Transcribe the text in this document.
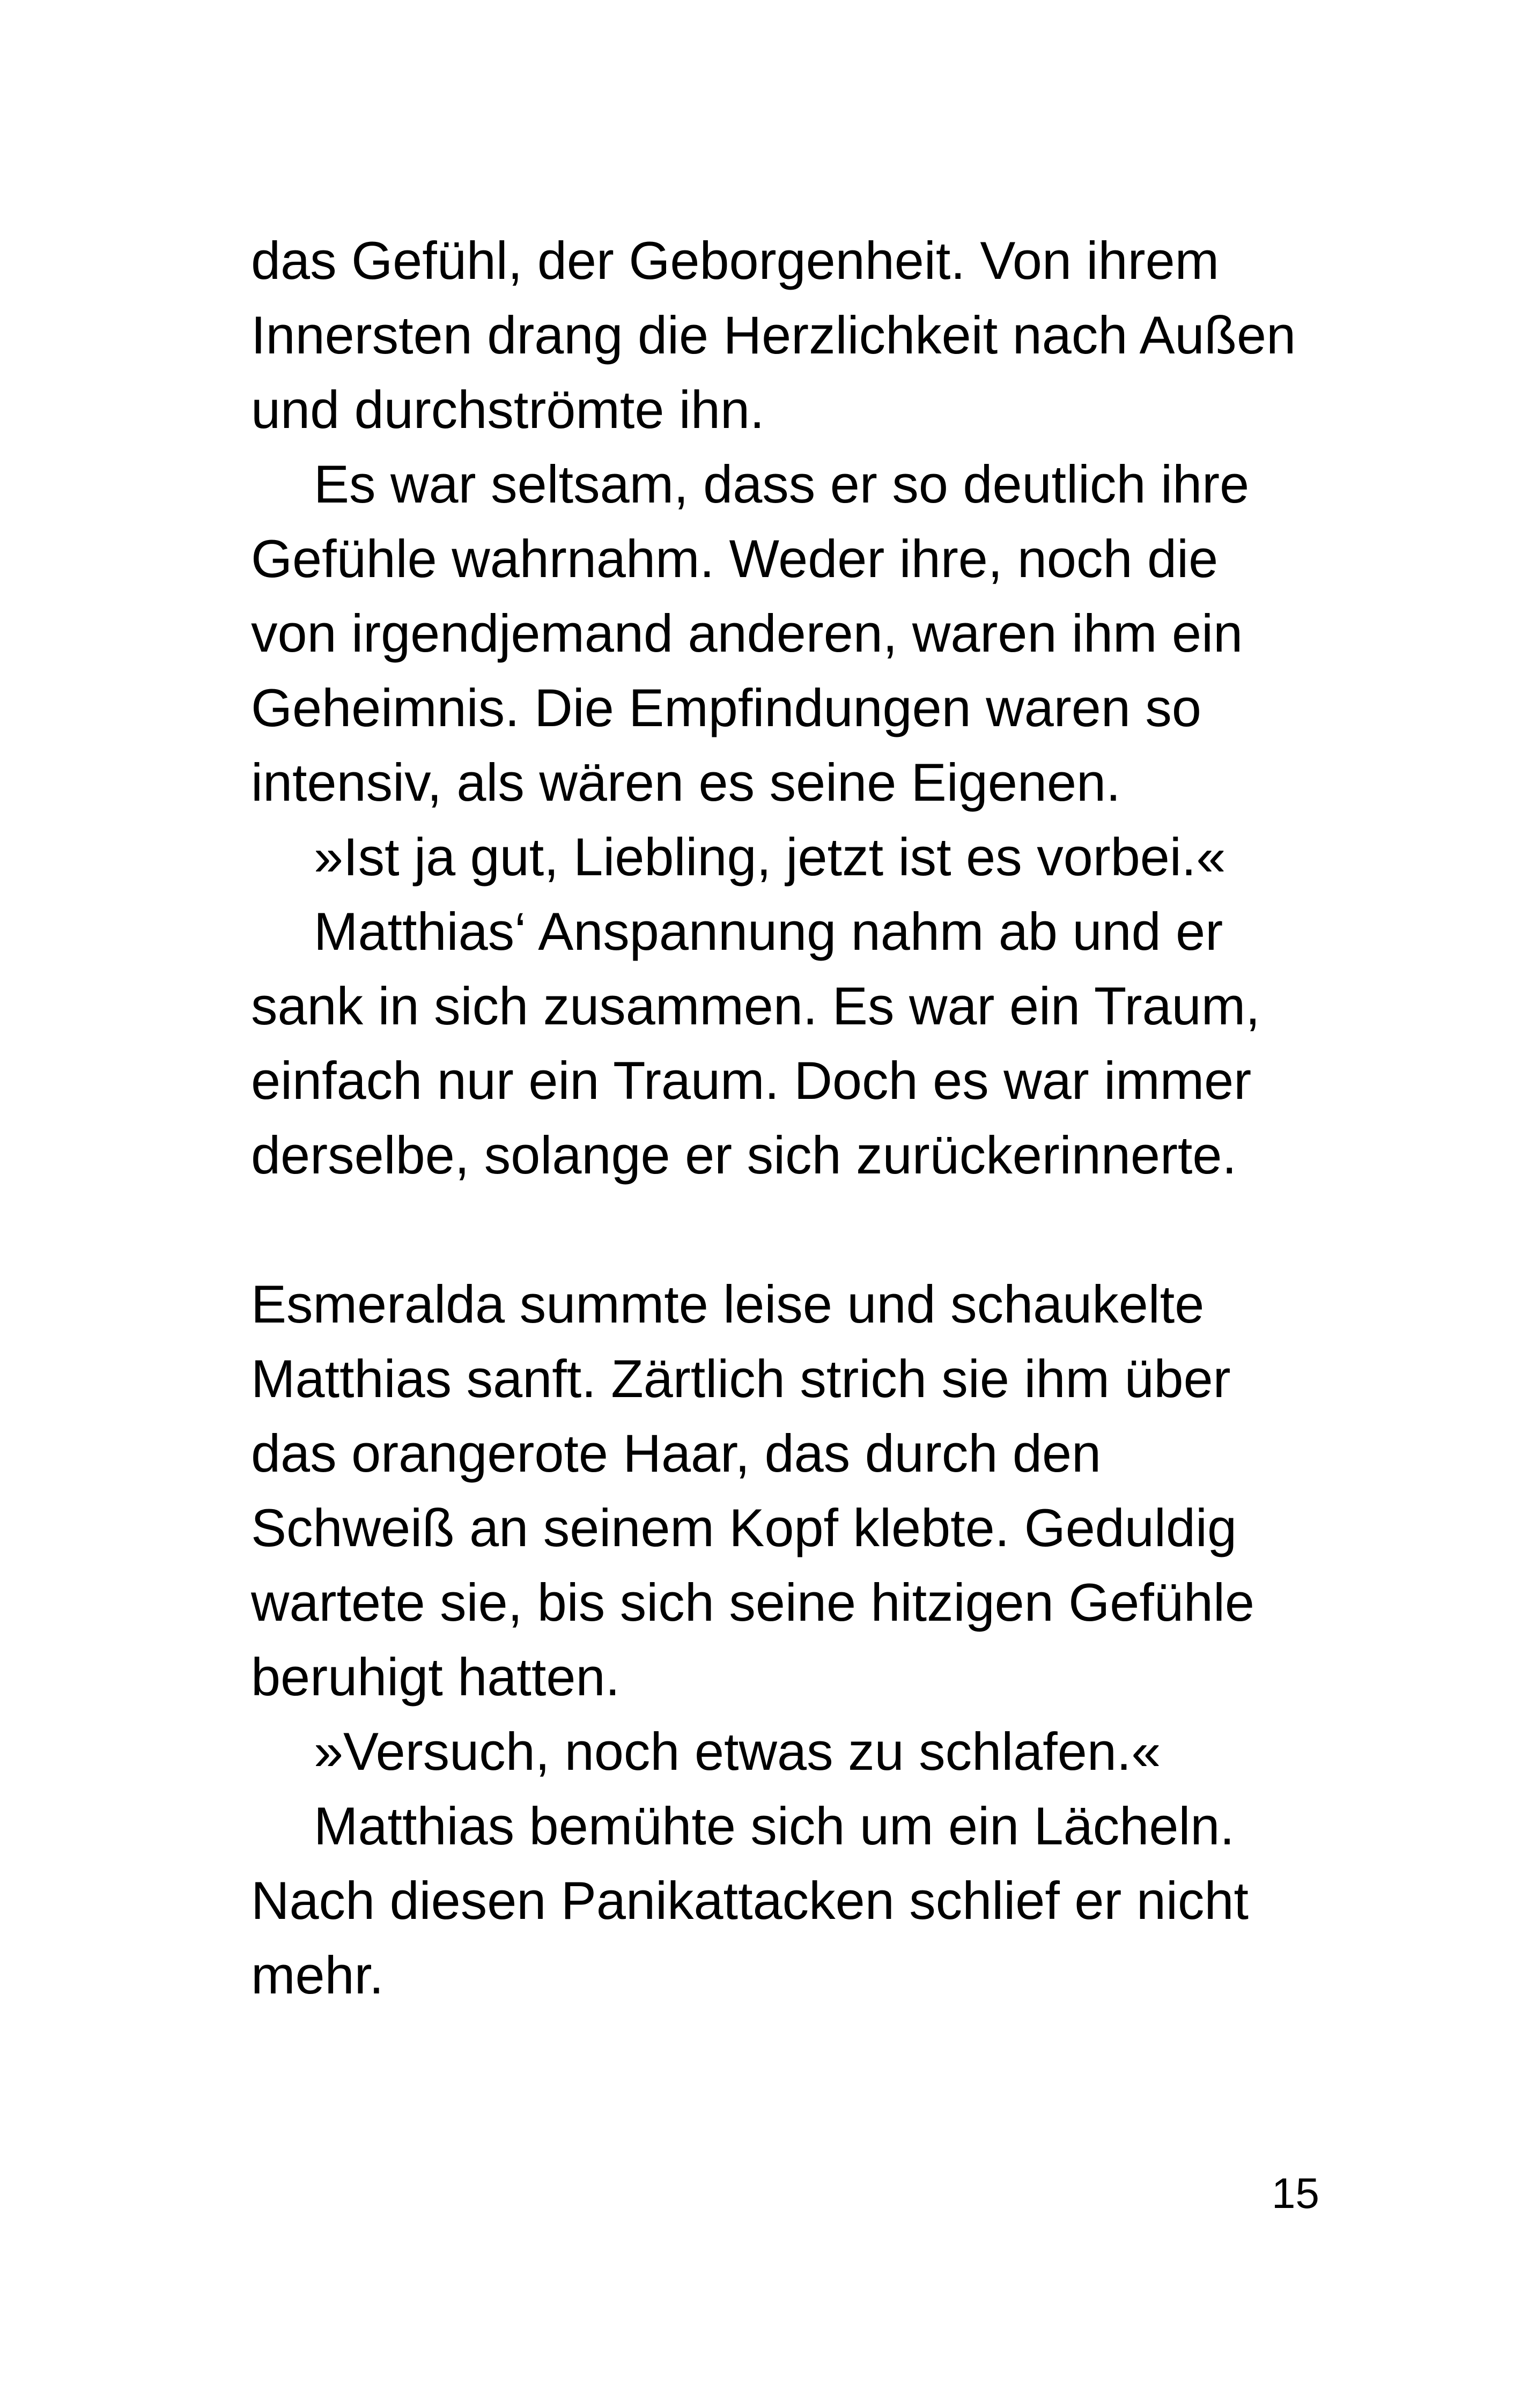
das Gefühl, der Geborgenheit. Von ihrem
Innersten drang die Herzlichkeit nach Außen
und durchströmte ihn.
Es war seltsam, dass er so deutlich ihre
Gefühle wahrnahm. Weder ihre, noch die
von irgendjemand anderen, waren ihm ein
Geheimnis. Die Empfindungen waren so
intensiv, als wären es seine Eigenen.
»Ist ja gut, Liebling, jetzt ist es vorbei.«
Matthias‘ Anspannung nahm ab und er
sank in sich zusammen. Es war ein Traum,
einfach nur ein Traum. Doch es war immer
derselbe, solange er sich zurückerinnerte.
Esmeralda summte leise und schaukelte
Matthias sanft. Zärtlich strich sie ihm über
das orangerote Haar, das durch den
Schweiß an seinem Kopf klebte. Geduldig
wartete sie, bis sich seine hitzigen Gefühle
beruhigt hatten.
»Versuch, noch etwas zu schlafen.«
Matthias bemühte sich um ein Lächeln.
Nach diesen Panikattacken schlief er nicht
mehr.
15
